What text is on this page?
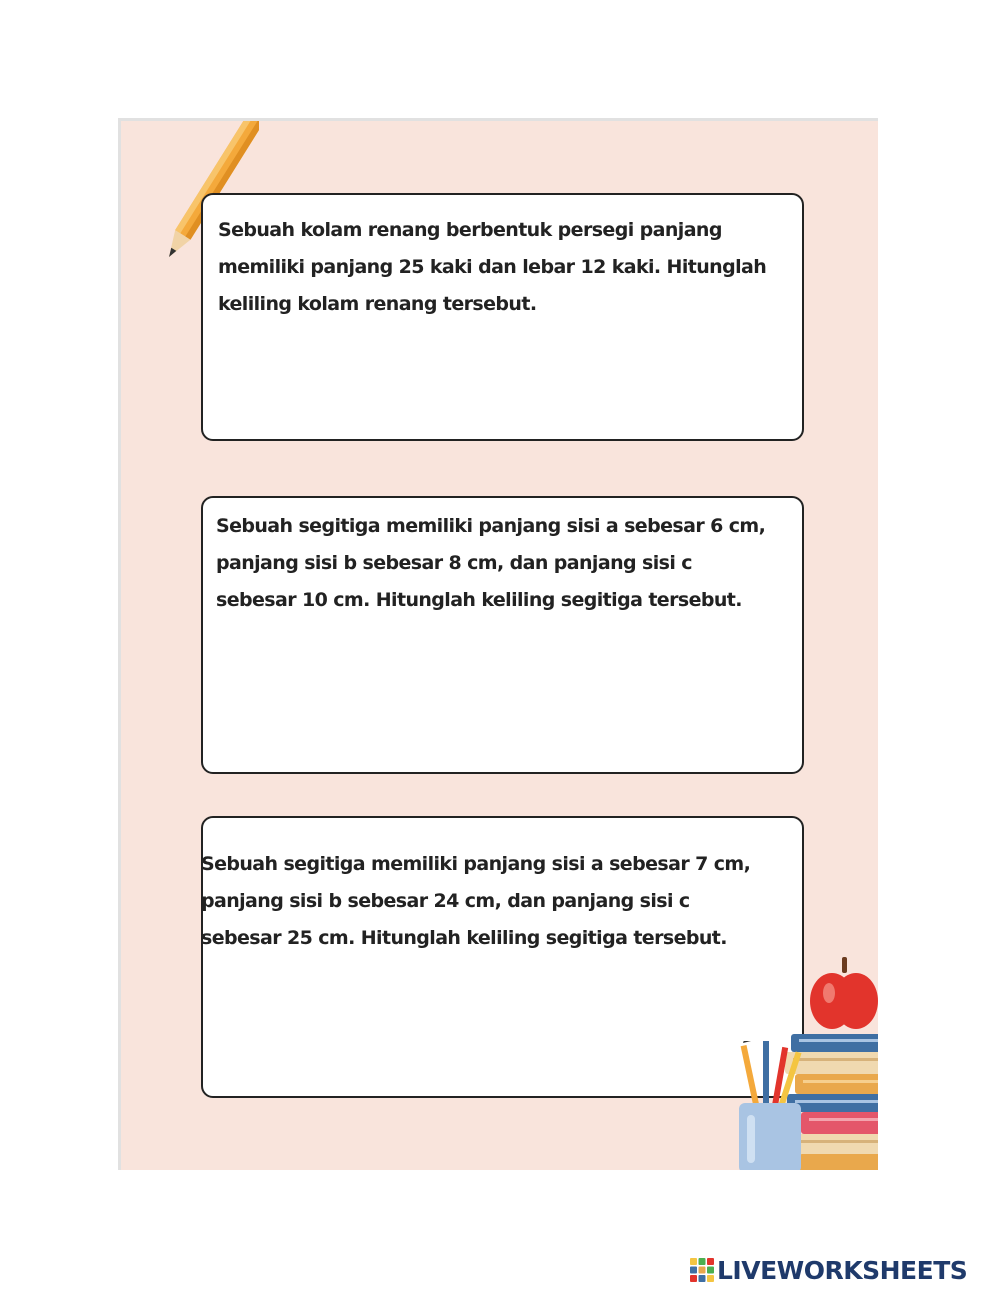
Sebuah kolam renang berbentuk persegi panjang
memiliki panjang 25 kaki dan lebar 12 kaki. Hitunglah
keliling kolam renang tersebut.

Sebuah segitiga memiliki panjang sisi a sebesar 6 cm,
panjang sisi b sebesar 8 cm, dan panjang sisi c
sebesar 10 cm. Hitunglah keliling segitiga tersebut.

Sebuah segitiga memiliki panjang sisi a sebesar 7 cm,
panjang sisi b sebesar 24 cm, dan panjang sisi c
sebesar 25 cm. Hitunglah keliling segitiga tersebut.

LIVEWORKSHEETS
